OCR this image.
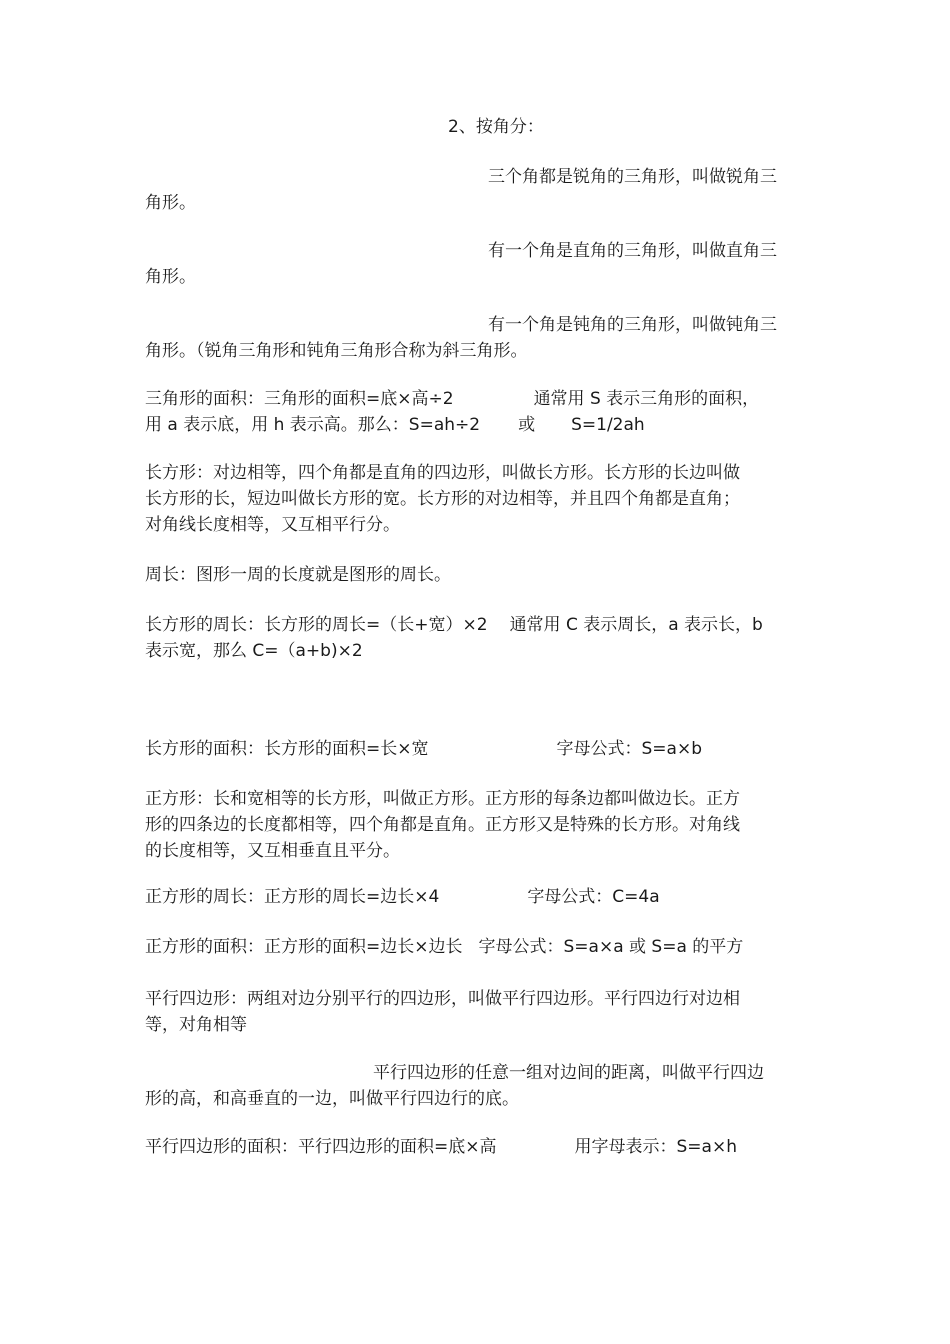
2、按角分：
三个角都是锐角的三角形，叫做锐角三
角形。
有一个角是直角的三角形，叫做直角三
角形。
有一个角是钝角的三角形，叫做钝角三
角形。（锐角三角形和钝角三角形合称为斜三角形。
三角形的面积：三角形的面积=底×高÷2	通常用 S 表示三角形的面积，
用 a 表示底，用 h 表示高。那么：S=ah÷2 或 S=1/2ah
长方形：对边相等，四个角都是直角的四边形，叫做长方形。长方形的长边叫做
长方形的长，短边叫做长方形的宽。长方形的对边相等，并且四个角都是直角；
对角线长度相等，又互相平行分。
周长：图形一周的长度就是图形的周长。
长方形的周长：长方形的周长=（长+宽）×2 通常用 C 表示周长，a 表示长，b
表示宽，那么 C=（a+b)×2
长方形的面积：长方形的面积=长×宽	字母公式：S=a×b
正方形：长和宽相等的长方形，叫做正方形。正方形的每条边都叫做边长。正方
形的四条边的长度都相等，四个角都是直角。正方形又是特殊的长方形。对角线
的长度相等，又互相垂直且平分。
正方形的周长：正方形的周长=边长×4	字母公式：C=4a
正方形的面积：正方形的面积=边长×边长 字母公式：S=a×a 或 S=a 的平方
平行四边形：两组对边分别平行的四边形，叫做平行四边形。平行四边行对边相
等，对角相等
平行四边形的任意一组对边间的距离，叫做平行四边
形的高，和高垂直的一边，叫做平行四边行的底。
平行四边形的面积：平行四边形的面积=底×高	用字母表示：S=a×h
